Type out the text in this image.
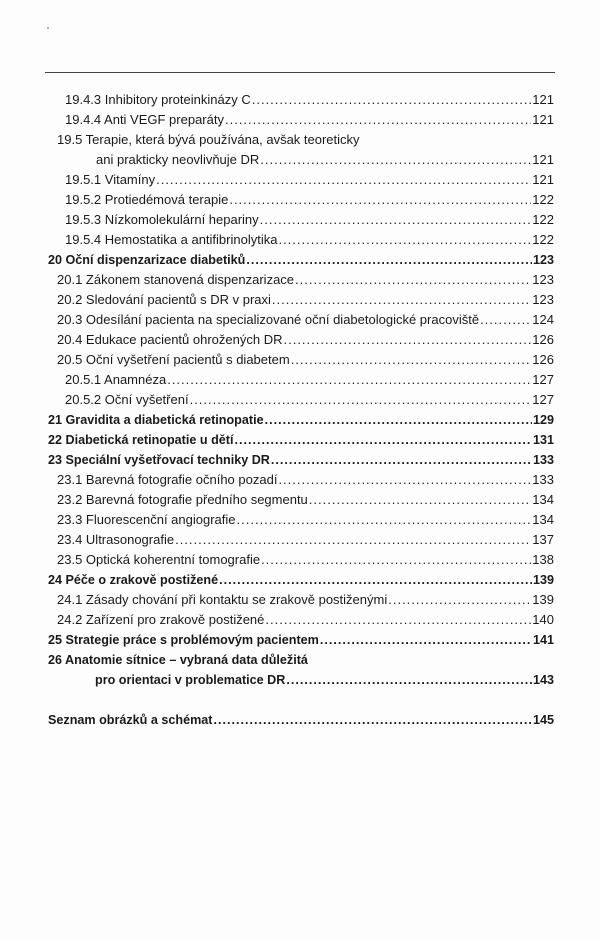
19.4.3 Inhibitory proteinkinázy C .....	121
19.4.4 Anti VEGF preparáty .....	121
19.5 Terapie, která bývá používána, avšak teoreticky
ani prakticky neovlivňuje DR .....	121
19.5.1 Vitamíny .....	121
19.5.2 Protiedémová terapie .....	122
19.5.3 Nízkomolekulární hepariny .....	122
19.5.4 Hemostatika a antifibrinolytika .....	122
20 Oční dispenzarizace diabetiků .....	123
20.1 Zákonem stanovená dispenzarizace .....	123
20.2 Sledování pacientů s DR v praxi .....	123
20.3 Odesílání pacienta na specializované oční diabetologické pracoviště .....	124
20.4 Edukace pacientů ohrožených DR .....	126
20.5 Oční vyšetření pacientů s diabetem .....	126
20.5.1 Anamnéza .....	127
20.5.2 Oční vyšetření .....	127
21 Gravidita a diabetická retinopatie .....	129
22 Diabetická retinopatie u dětí .....	131
23 Speciální vyšetřovací techniky DR .....	133
23.1 Barevná fotografie očního pozadí .....	133
23.2 Barevná fotografie předního segmentu .....	134
23.3 Fluorescenční angiografie .....	134
23.4 Ultrasonografie .....	137
23.5 Optická koherentní tomografie .....	138
24 Péče o zrakově postižené .....	139
24.1 Zásady chování při kontaktu se zrakově postiženými .....	139
24.2 Zařízení pro zrakově postižené .....	140
25 Strategie práce s problémovým pacientem .....	141
26 Anatomie sítnice – vybraná data důležitá
pro orientaci v problematice DR .....	143
Seznam obrázků a schémat .....	145
